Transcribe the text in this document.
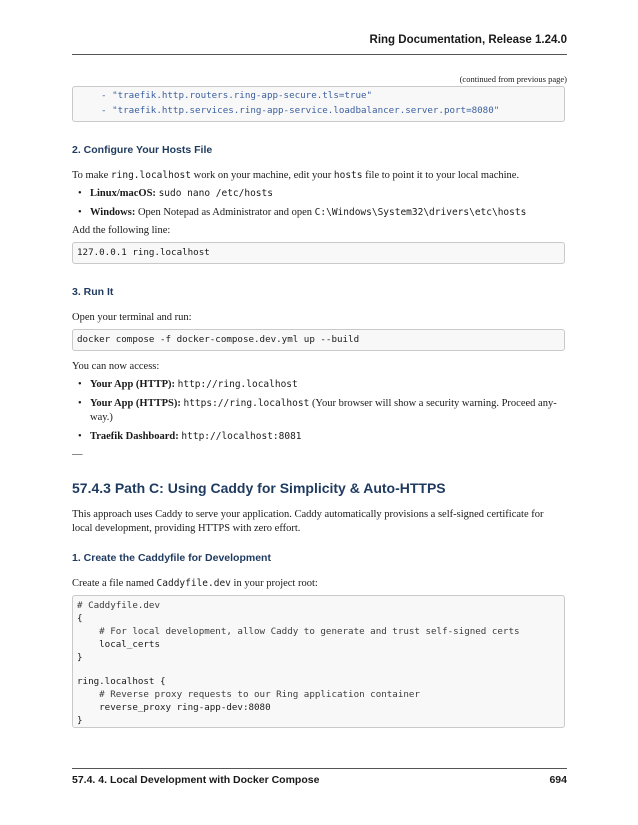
Ring Documentation, Release 1.24.0
(continued from previous page)
- "traefik.http.routers.ring-app-secure.tls=true"
- "traefik.http.services.ring-app-service.loadbalancer.server.port=8080"
2. Configure Your Hosts File
To make ring.localhost work on your machine, edit your hosts file to point it to your local machine.
• Linux/macOS: sudo nano /etc/hosts
• Windows: Open Notepad as Administrator and open C:\Windows\System32\drivers\etc\hosts
Add the following line:
127.0.0.1 ring.localhost
3. Run It
Open your terminal and run:
docker compose -f docker-compose.dev.yml up --build
You can now access:
• Your App (HTTP): http://ring.localhost
• Your App (HTTPS): https://ring.localhost (Your browser will show a security warning. Proceed any-
way.)
• Traefik Dashboard: http://localhost:8081
—
57.4.3 Path C: Using Caddy for Simplicity & Auto-HTTPS
This approach uses Caddy to serve your application. Caddy automatically provisions a self-signed certificate for local development, providing HTTPS with zero effort.
1. Create the Caddyfile for Development
Create a file named Caddyfile.dev in your project root:
# Caddyfile.dev
{
# For local development, allow Caddy to generate and trust self-signed certs
local_certs
}
ring.localhost {
# Reverse proxy requests to our Ring application container
reverse_proxy ring-app-dev:8080
}
57.4. 4. Local Development with Docker Compose	694
